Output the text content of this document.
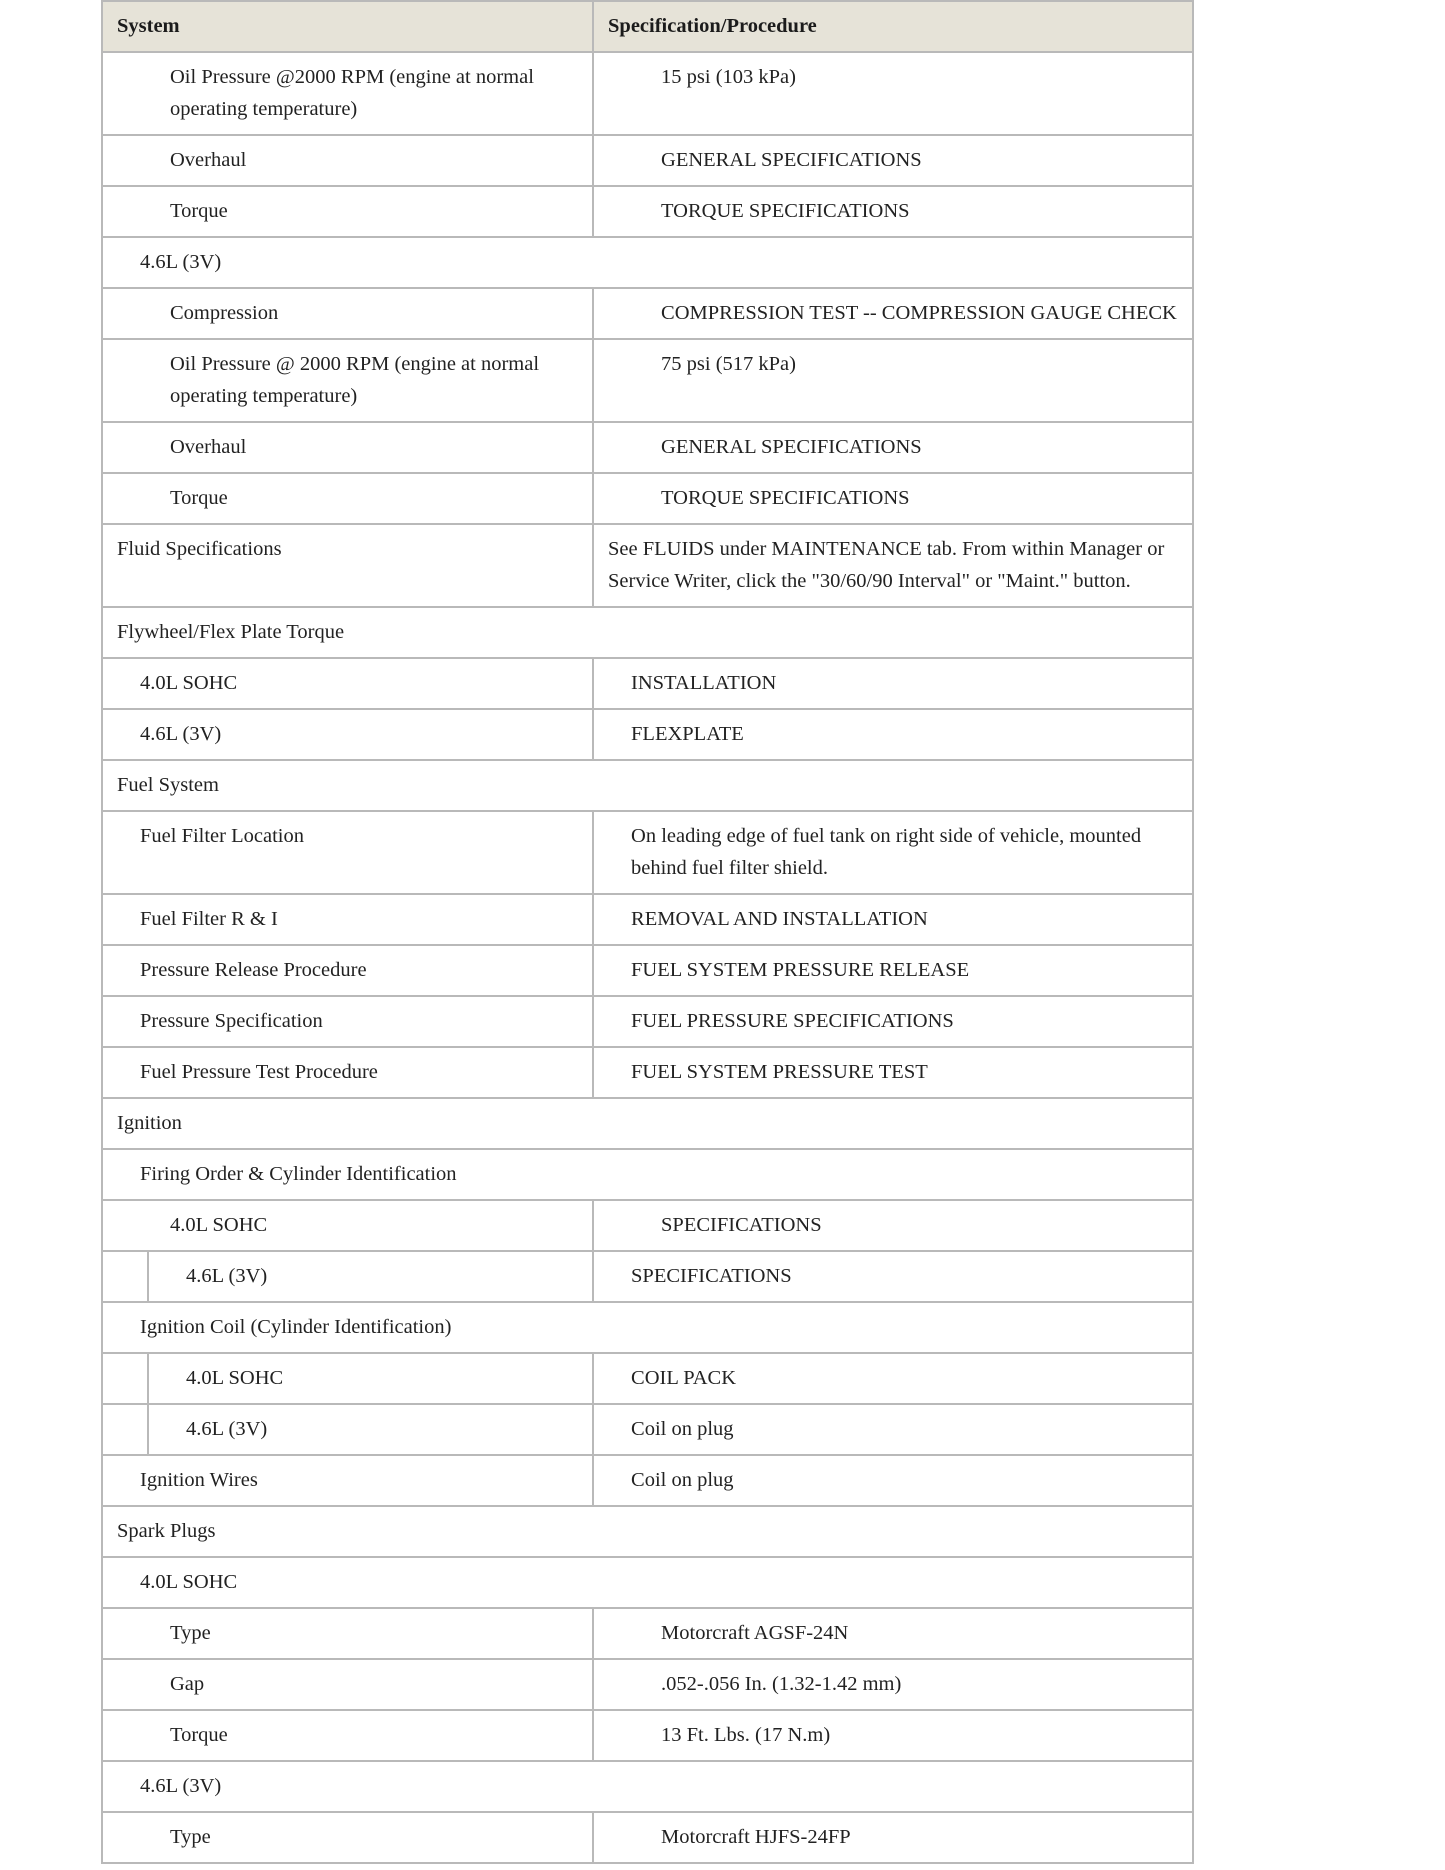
System		Specification/Procedure
Oil Pressure @2000 RPM (engine at normal operating temperature)		15 psi (103 kPa)
Overhaul		GENERAL SPECIFICATIONS
Torque		TORQUE SPECIFICATIONS
4.6L (3V)		
Compression		COMPRESSION TEST -- COMPRESSION GAUGE CHECK
Oil Pressure @ 2000 RPM (engine at normal operating temperature)		75 psi (517 kPa)
Overhaul		GENERAL SPECIFICATIONS
Torque		TORQUE SPECIFICATIONS
Fluid Specifications		See FLUIDS under MAINTENANCE tab. From within Manager or Service Writer, click the "30/60/90 Interval" or "Maint." button.
Flywheel/Flex Plate Torque		
4.0L SOHC		INSTALLATION
4.6L (3V)		FLEXPLATE
Fuel System		
Fuel Filter Location		On leading edge of fuel tank on right side of vehicle, mounted behind fuel filter shield.
Fuel Filter R & I		REMOVAL AND INSTALLATION
Pressure Release Procedure		FUEL SYSTEM PRESSURE RELEASE
Pressure Specification		FUEL PRESSURE SPECIFICATIONS
Fuel Pressure Test Procedure		FUEL SYSTEM PRESSURE TEST
Ignition		
Firing Order & Cylinder Identification		
4.0L SOHC		SPECIFICATIONS
	4.6L (3V)	SPECIFICATIONS
Ignition Coil (Cylinder Identification)		
	4.0L SOHC	COIL PACK
	4.6L (3V)	Coil on plug
Ignition Wires		Coil on plug
Spark Plugs		
4.0L SOHC		
Type		Motorcraft AGSF-24N
Gap		.052-.056 In. (1.32-1.42 mm)
Torque		13 Ft. Lbs. (17 N.m)
4.6L (3V)		
Type		Motorcraft HJFS-24FP
